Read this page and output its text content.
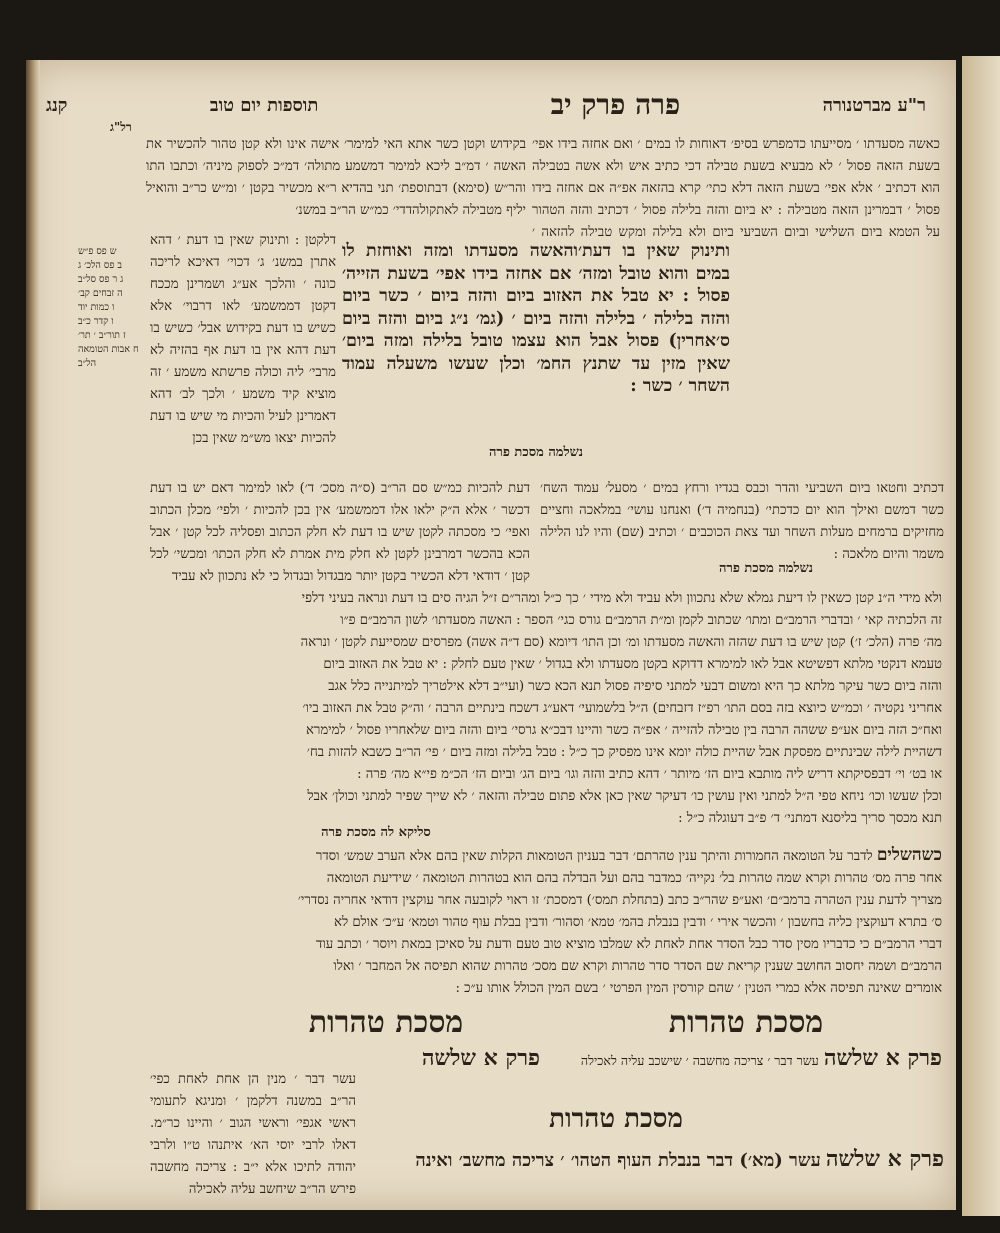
ר"ע מברטנורה
פרה פרק יב
תוספות יום טוב
קנג
רל"ג
בקידוש וקטן כשר אתא האי למימר׳ אישה אינו ולא קטן טהור להכשיר את האשה ׳ דמ״ב ליכא למימר דמשמע מתולה׳ דמ״כ לספוק מיניה׳ וכתבו התו והר״ש (סימא) דבתוספת׳ תני בהדיא ר״א מכשיר בקטן ׳ ומ״ש כר״ב והואיל יליף מטבילה לאתקולהדדי׳ כמ״ש הר״ב במשנ׳

ש פס פ״ש

ב פס הלכ׳ ג

ג ר פס סל״ב

ה זבחים קב׳

ו כמות יוד

ו קדר כ״ב

ז תור״ב ׳ תר׳

ח אבות הטומאה

הל״ב

דלקטן : ותינוק שאין בו דעת ׳ דהא אתרן במשנ׳ ג׳ דכוי׳ דאיכא לריכה כונה ׳ והלכך אע״ג ושמרינן מככח דקטן דממשמע׳ לאו דרבוי׳ אלא כשיש בו דעת בקידוש אבל׳ כשיש בו דעת דהא אין בו דעת אף בהזיה לא מרבי׳ ליה וכולה פרשתא משמע ׳ זה מוציא קיד משמע ׳ ולכך לב׳ דהא דאמרינן לעיל והכיות מי שיש בו דעת להכיות יצאו מש״מ שאין בכן
כאשה מסעדתו ׳ מסייעתו כדמפרש בסיפ׳ דאוחות לו במים ׳ ואם אחזה בידו אפי׳ בשעת הזאה פסול ׳ לא מבעיא בשעת טבילה דכי כתיב איש ולא אשה בטבילה הוא דכתיב ׳ אלא אפי׳ בשעת הזאה דלא כתי׳ קרא בהזאה אפ״ה אם אחזה בידו פסול ׳ דבמרינן הזאה מטבילה : יא ביום והזה בלילה פסול ׳ דכתיב והזה הטהור על הטמא ביום השלישי וביום השביעי ביום ולא בלילה ומקש טבילה להזאה ׳
ותינוק שאין בו דעת׳והאשה מסעדתו ומזה ואוחזת לו במים והוא טובל ומזה׳ אם אחזה בידו אפי׳ בשעת הזייה׳ פסול : יא טבל את האזוב ביום והזה ביום ׳ כשר ביום והזה בלילה ׳ בלילה והזה ביום ׳ (גמ׳ נ״ג ביום והזה ביום ס׳אחרין) פסול אבל הוא עצמו טובל בלילה ומזה ביום׳ שאין מזין עד שתנץ החמ׳ וכלן שעשו משעלה עמוד השחר ׳ כשר :
נשלמה מסכת פרה
דעת להכיות כמ״ש סם הר״ב (ס״ה מסכ׳ ד׳) לאו למימר דאם יש בו דעת דכשר ׳ אלא ה״ק ילאו אלו דממשמע׳ אין בכן להכיות ׳ ולפי׳ מכלן הכתוב ואפי׳ כי מסכתה לקטן שיש בו דעת לא חלק הכתוב ופסליה לכל קטן ׳ אבל הכא בהכשר דמרבינן לקטן לא חלק מית אמרת לא חלק הכתו׳ ומכשי׳ לכל קטן ׳ דודאי דלא הכשיר בקטן יותר מבגדול ובגדול כי לא נתכוון לא עביד
דכתיב וחטאו ביום השביעי והדר וכבס בגדיו ורחץ במים ׳ מסעל׳ עמוד השח׳ כשר דמשם ואילך הוא יום כדכתי׳ (בנחמיה ד׳) ואנחנו עושי׳ במלאכה וחציים מחזיקים ברמחים מעלות השחר ועד צאת הכוכבים ׳ וכתיב (שם) והיו לנו הלילה משמר והיום מלאכה :
נשלמה מסכת פרה

ולא מידי ה״נ קטן כשאין לו דיעת גמלא שלא נתכוון ולא עביד ולא מידי ׳ כך כ״ל ומהר״ם ז״ל הגיה סים בו דעת ונראה בעיני דלפי

זה הלכתיה קאי ׳ ובדברי הרמב״ם ומתו׳ שכתוב לקמן ומ״ת הרמב״ם גורס כגי׳ הספר : האשה מסעדתו׳ לשון הרמב״ם פ״ו

מה׳ פרה (הלכ׳ ז׳) קטן שיש בו דעת שהזה והאשה מסעדתו ומ׳ וכן התו׳ דיומא (סם ד״ה אשה) מפרסים שמסייעת לקטן ׳ ונראה

טעמא דנקטי מלתא דפשיטא אבל לאו למימרא דדוקא בקטן מסעדתו ולא בגדול ׳ שאין טעם לחלק : יא טבל את האזוב ביום

והזה ביום כשר עיקר מלתא כך היא ומשום דבעי למתני סיפיה פסול תנא הכא כשר (ועי״ב דלא אילטריך למיתנייה כלל אגב

אחריני נקטיה ׳ וכמ״ש כיוצא בזה בסם התו׳ רפ״ז דזבחים) ה״ל בלשמועי׳ דאע״ג דשכח בינתיים הרבה ׳ וה״ק טבל את האזוב ביו׳

ואח״כ הזה ביום אע״פ ששהה הרבה בין טבילה להזייה ׳ אפ״ה כשר והיינו דבכ״א גרסי׳ ביום והזה ביום שלאחריו פסול ׳ למימרא

דשהיית לילה שבינתיים מפסקת אבל שהיית כולה יומא אינו מפסיק כך כ״ל : טבל בלילה ומזה ביום ׳ פי׳ הר״ב כשבא להזות בח׳

או בט׳ וי׳ דבפסיקתא דריש ליה מותבא ביום הז׳ מיותר ׳ דהא כתיב והזה וגו׳ ביום הג׳ וביום הז׳ הכ״מ פי״א מה׳ פרה :

וכלן שעשו וכו׳ ניחא טפי ה״ל למתני ואין עושין כו׳ דעיקר שאין כאן אלא פתום טבילה והזאה ׳ לא שייך שפיר למתני וכולן׳ אבל

תנא מכסך סריך בליסנא דמתני׳ ד׳ פ״ב דעוגלה כ״ל :

סליקא לה מסכת פרה

כשהשלים לדבר על הטומאה החמורות והיתך ענין טהרתם׳ דבר בעניון הטומאות הקלות שאין בהם אלא הערב שמש׳ וסדר

אחר פרה מס׳ טהרות וקרא שמה טהרות בל׳ נקייה׳ כמדבר בהם ועל הבדלה בהם הוא בטהרות הטומאה ׳ שידיעת הטומאה

מצריך לדעת ענין הטהרה ברמב״ם׳ ואע״פ שהר״ב כתב (בתחלת תמס׳) דמסכת׳ זו ראוי לקובעה אחר עוקצין דודאי אחריה נסדרי׳

ס׳ בתרא דעוקצין כליה בחשבון ׳ והכשר אירי ׳ ודבין בנבלת בהמ׳ טמא׳ וסהור׳ ודבין בבלת עוף טהור וטמא׳ ע״כ׳ אולם לא

דברי הרמב״ם כי כדבריו מסין סדר כבל הסדר אחת לאחת לא שמלבו מוציא טוב טעם ודעת על סאיכן במאת ויוסר ׳ וכתב עוד

הרמב״ם ושמה יחסוב החושב שענין קריאת שם הסדר סדר טהרות וקרא שם מסכ׳ טהרות שהוא תפיסה אל המחבר ׳ ואלו

אומרים שאינה תפיסה אלא כמרי הטנין ׳ שהם קורסין המין הפרטי ׳ בשם המין הכולל אותו ע״כ :

מסכת טהרות
מסכת טהרות
פרק א שלשה עשר דבר ׳ צריכה מחשבה ׳ שישכב עליה לאכילה
פרק א שלשה
עשר דבר ׳ מנין הן אחת לאחת כפי׳ הר״ב במשנה דלקמן ׳ ומניגא לתעומי ראשי אגפי׳ וראשי הגוב ׳ והיינו כר״מ. דאלו לרבי יוסי הא׳ איתנהו ט״ו ולרבי יהודה לתיכו אלא י״ב : צריכה מחשבה פירש הר״ב שיחשב עליה לאכילה
מסכת טהרות
פרק א שלשה עשר (מא׳) דבר בנבלת העוף הטהו׳ ׳ צריכה מחשב׳ ואינה
